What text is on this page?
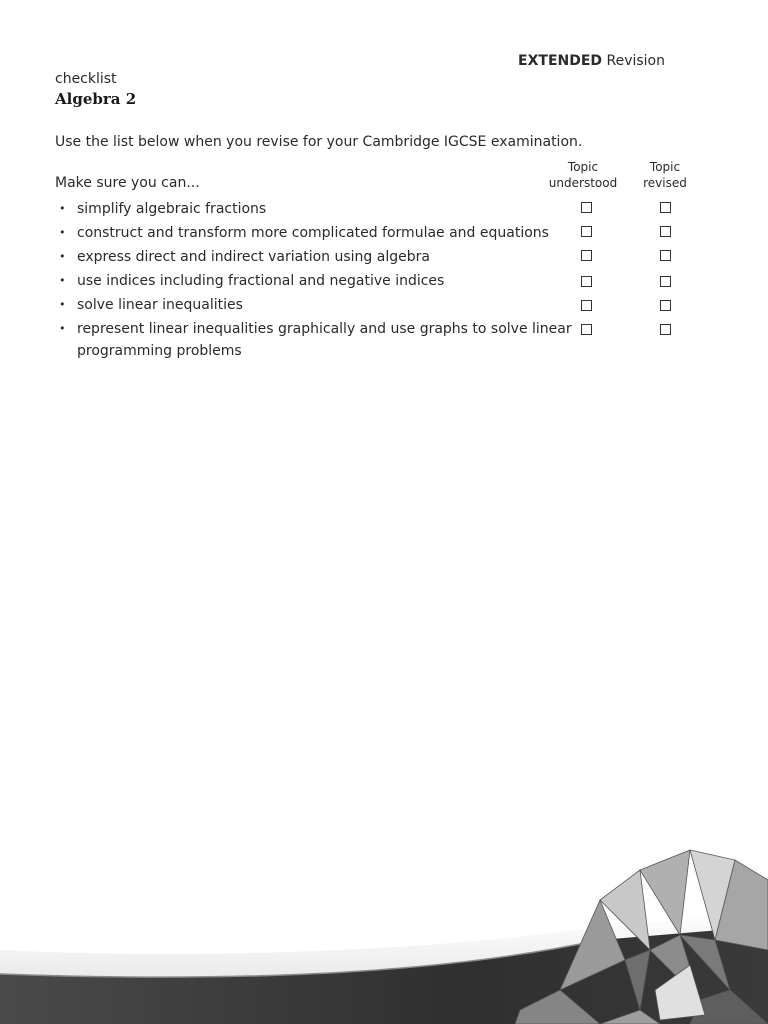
EXTENDED Revision
checklist
Algebra 2
Use the list below when you revise for your Cambridge IGCSE examination.
Make sure you can...
Topic
understood
Topic
revised
• simplify algebraic fractions
• construct and transform more complicated formulae and equations
• express direct and indirect variation using algebra
• use indices including fractional and negative indices
• solve linear inequalities
• represent linear inequalities graphically and use graphs to solve linear programming problems
